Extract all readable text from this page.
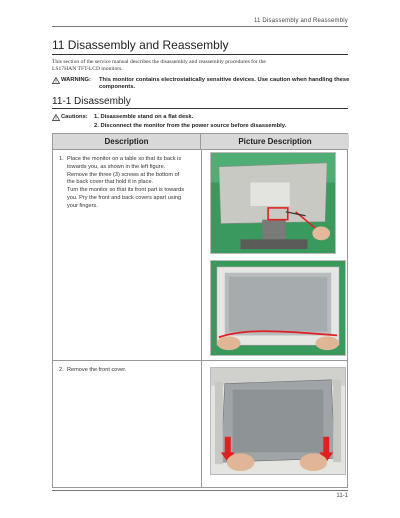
11 Disassembly and Reassembly
11 Disassembly and Reassembly
This section of the service manual describes the disassembly and reassembly procedures for the
LS17HAN TFT-LCD monitors.
WARNING: This monitor contains electrostatically sensitive devices. Use caution when handling these components.
11-1 Disassembly
Cautions: 1. Disassemble stand on a flat desk.
2. Disconnect the monitor from the power source before disassembly.
Description	Picture Description
1. Place the monitor on a table so that its back is
towards you, as shown in the left figure.
Remove the three (3) screws at the bottom of
the back cover that hold it in place.
Turn the monitor so that its front part is towards
you. Pry the front and back covers apart using
your fingers.
2. Remove the front cover.
11-1
